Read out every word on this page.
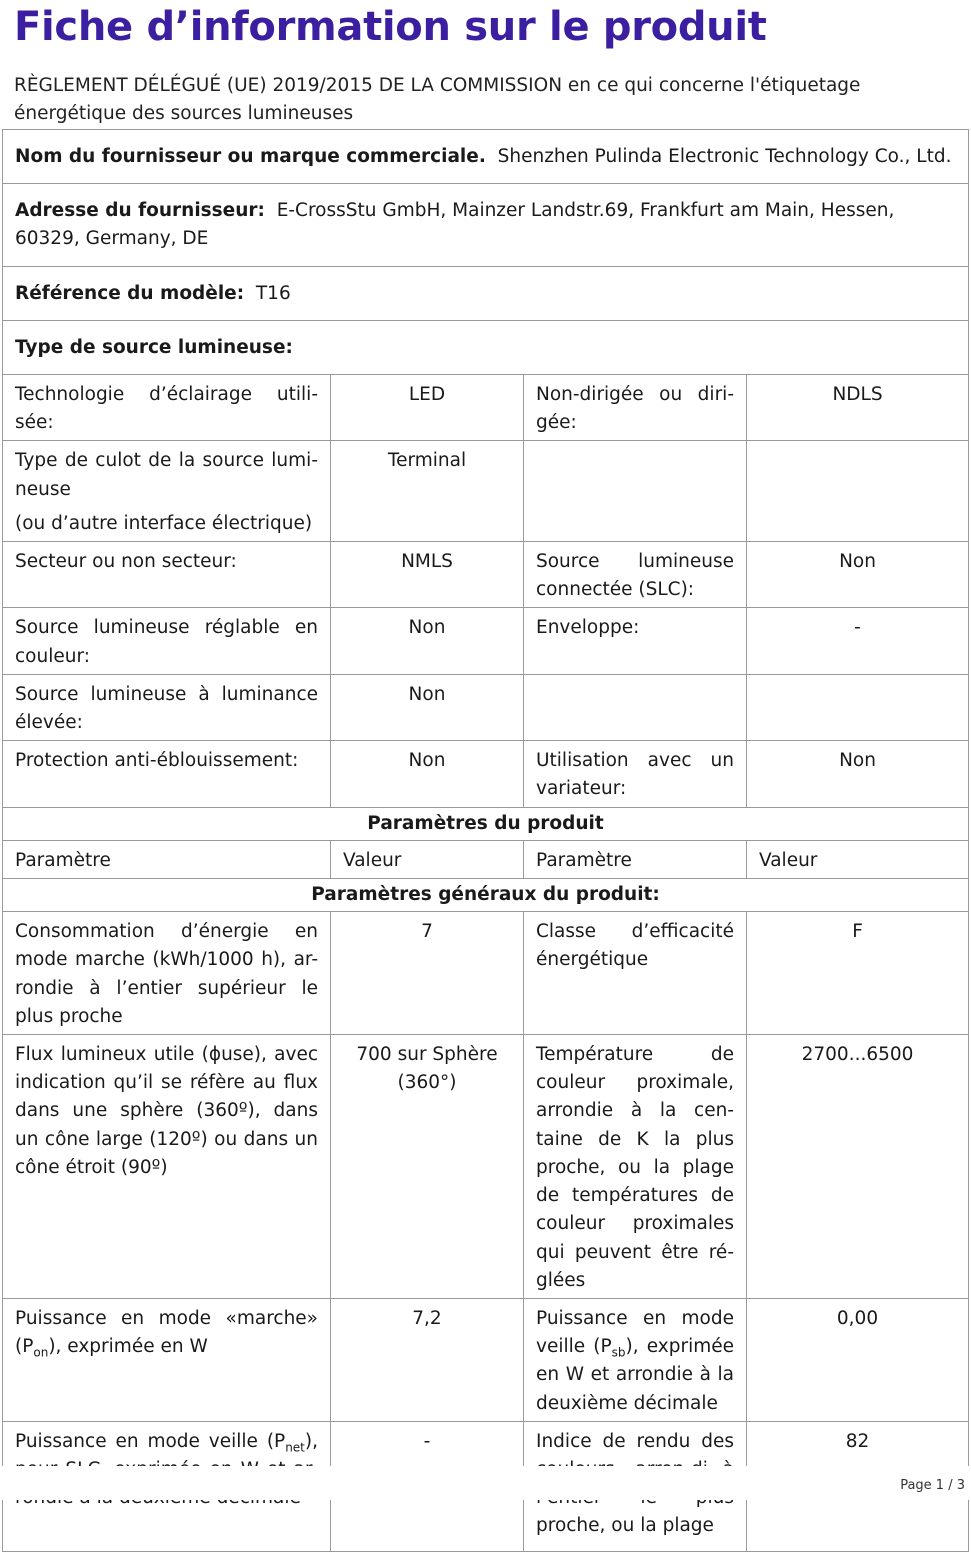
Fiche d’information sur le produit
RÈGLEMENT DÉLÉGUÉ (UE) 2019/2015 DE LA COMMISSION en ce qui concerne l'étiquetage énergétique des sources lumineuses
Nom du fournisseur ou marque commerciale. Shenzhen Pulinda Electronic Technology Co., Ltd.			
Adresse du fournisseur: E-CrossStu GmbH, Mainzer Landstr.69, Frankfurt am Main, Hessen, 60329, Germany, DE			
Référence du modèle: T16			
Type de source lumineuse:			
Technologie d’éclairage utili-sée:	LED	Non-dirigée ou diri-gée:	NDLS

Type de culot de la source lumi-neuse
(ou d’autre interface électrique)	Terminal		
Secteur ou non secteur:	NMLS	Source lumineuse connectée (SLC):	Non
Source lumineuse réglable en couleur:	Non	Enveloppe:	-
Source lumineuse à luminance élevée:	Non		
Protection anti-éblouissement:	Non	Utilisation avec un variateur:	Non
Paramètres du produit			
Paramètre	Valeur	Paramètre	Valeur
Paramètres généraux du produit:			
Consommation d’énergie en mode marche (kWh/1000 h), ar-rondie à l’entier supérieur le plus proche	7	Classe d’efficacité énergétique	F
Flux lumineux utile (ɸuse), avec indication qu’il se réfère au flux dans une sphère (360º), dans un cône large (120º) ou dans un cône étroit (90º)	700 sur Sphère (360°)	Température de couleur proximale, arrondie à la cen-taine de K la plus proche, ou la plage de températures de couleur proximales qui peuvent être ré-glées	2700...6500
Puissance en mode «marche» $(P_{on})$, exprimée en W	7,2	Puissance en mode veille $(P_{sb})$, exprimée en W et arrondie à la deuxième décimale	0,00
Puissance en mode veille $(P_{net})$,	-	Indice de rendu des proche, ou la plage	82
Page 1 / 3
